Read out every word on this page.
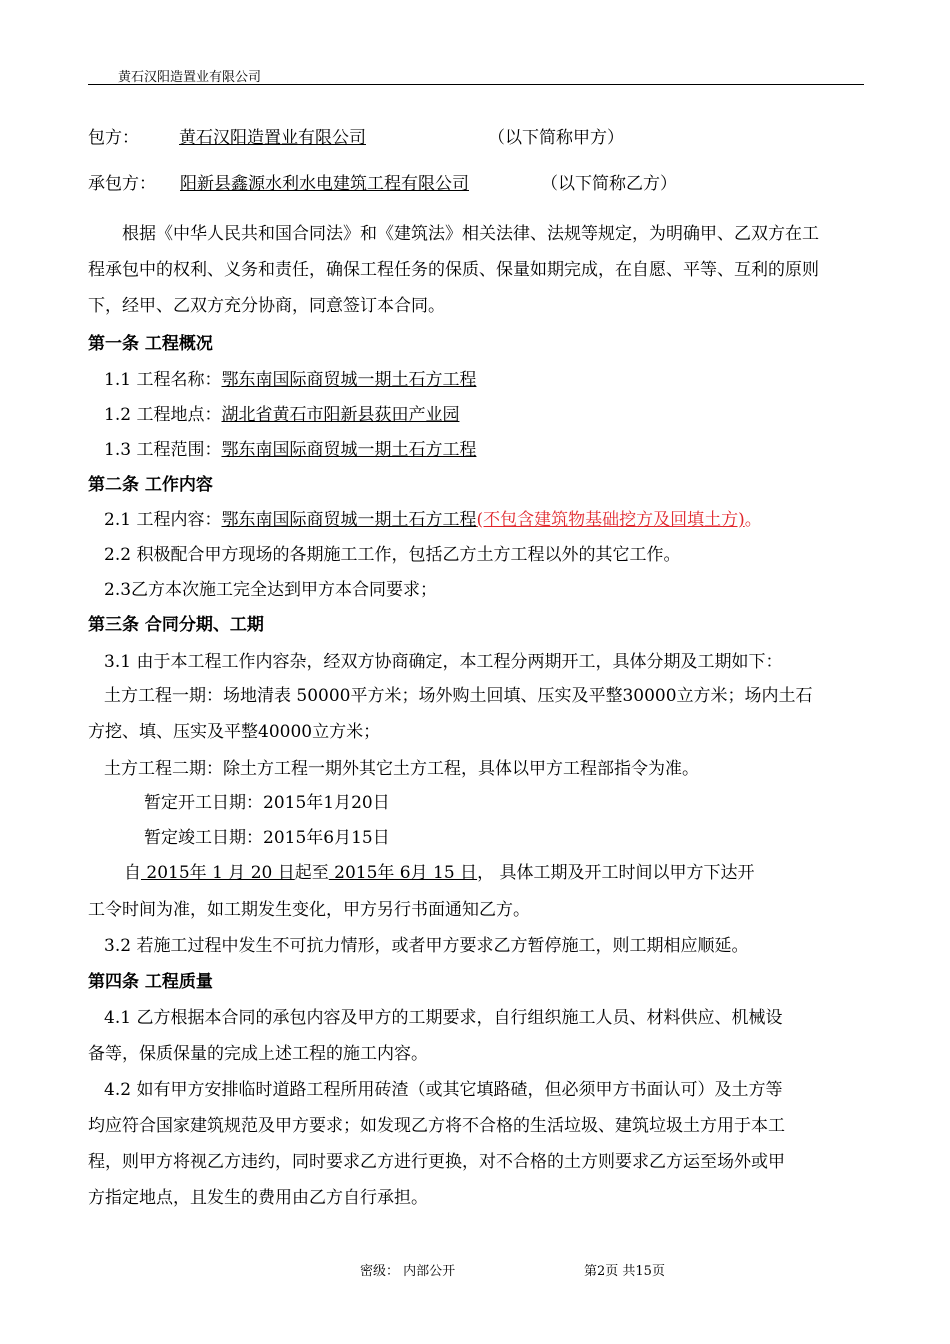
黄石汉阳造置业有限公司
包方： 黄石汉阳造置业有限公司	（以下简称甲方）
承包方： 阳新县鑫源水利水电建筑工程有限公司	（以下简称乙方）
根据《中华人民共和国合同法》和《建筑法》相关法律、法规等规定，为明确甲、乙双方在工
程承包中的权利、义务和责任，确保工程任务的保质、保量如期完成，在自愿、平等、互利的原则
下，经甲、乙双方充分协商，同意签订本合同。
第一条 工程概况
1.1 工程名称：鄂东南国际商贸城一期土石方工程
1.2 工程地点：湖北省黄石市阳新县荻田产业园
1.3 工程范围：鄂东南国际商贸城一期土石方工程
第二条 工作内容
2.1 工程内容：鄂东南国际商贸城一期土石方工程(不包含建筑物基础挖方及回填土方)。
2.2 积极配合甲方现场的各期施工工作，包括乙方土方工程以外的其它工作。
2.3乙方本次施工完全达到甲方本合同要求；
第三条 合同分期、工期
3.1 由于本工程工作内容杂，经双方协商确定，本工程分两期开工，具体分期及工期如下：
土方工程一期：场地清表 50000平方米；场外购土回填、压实及平整30000立方米；场内土石
方挖、填、压实及平整40000立方米；
土方工程二期：除土方工程一期外其它土方工程，具体以甲方工程部指令为准。
暂定开工日期：2015年1月20日
暂定竣工日期：2015年6月15日
自 2015年 1 月 20 日起至 2015年 6月 15 日， 具体工期及开工时间以甲方下达开
工令时间为准，如工期发生变化，甲方另行书面通知乙方。
3.2 若施工过程中发生不可抗力情形，或者甲方要求乙方暂停施工，则工期相应顺延。
第四条 工程质量
4.1 乙方根据本合同的承包内容及甲方的工期要求，自行组织施工人员、材料供应、机械设
备等，保质保量的完成上述工程的施工内容。
4.2 如有甲方安排临时道路工程所用砖渣（或其它填路碴，但必须甲方书面认可）及土方等
均应符合国家建筑规范及甲方要求；如发现乙方将不合格的生活垃圾、建筑垃圾土方用于本工
程，则甲方将视乙方违约，同时要求乙方进行更换，对不合格的土方则要求乙方运至场外或甲
方指定地点，且发生的费用由乙方自行承担。
密级： 内部公开	第2页 共15页
